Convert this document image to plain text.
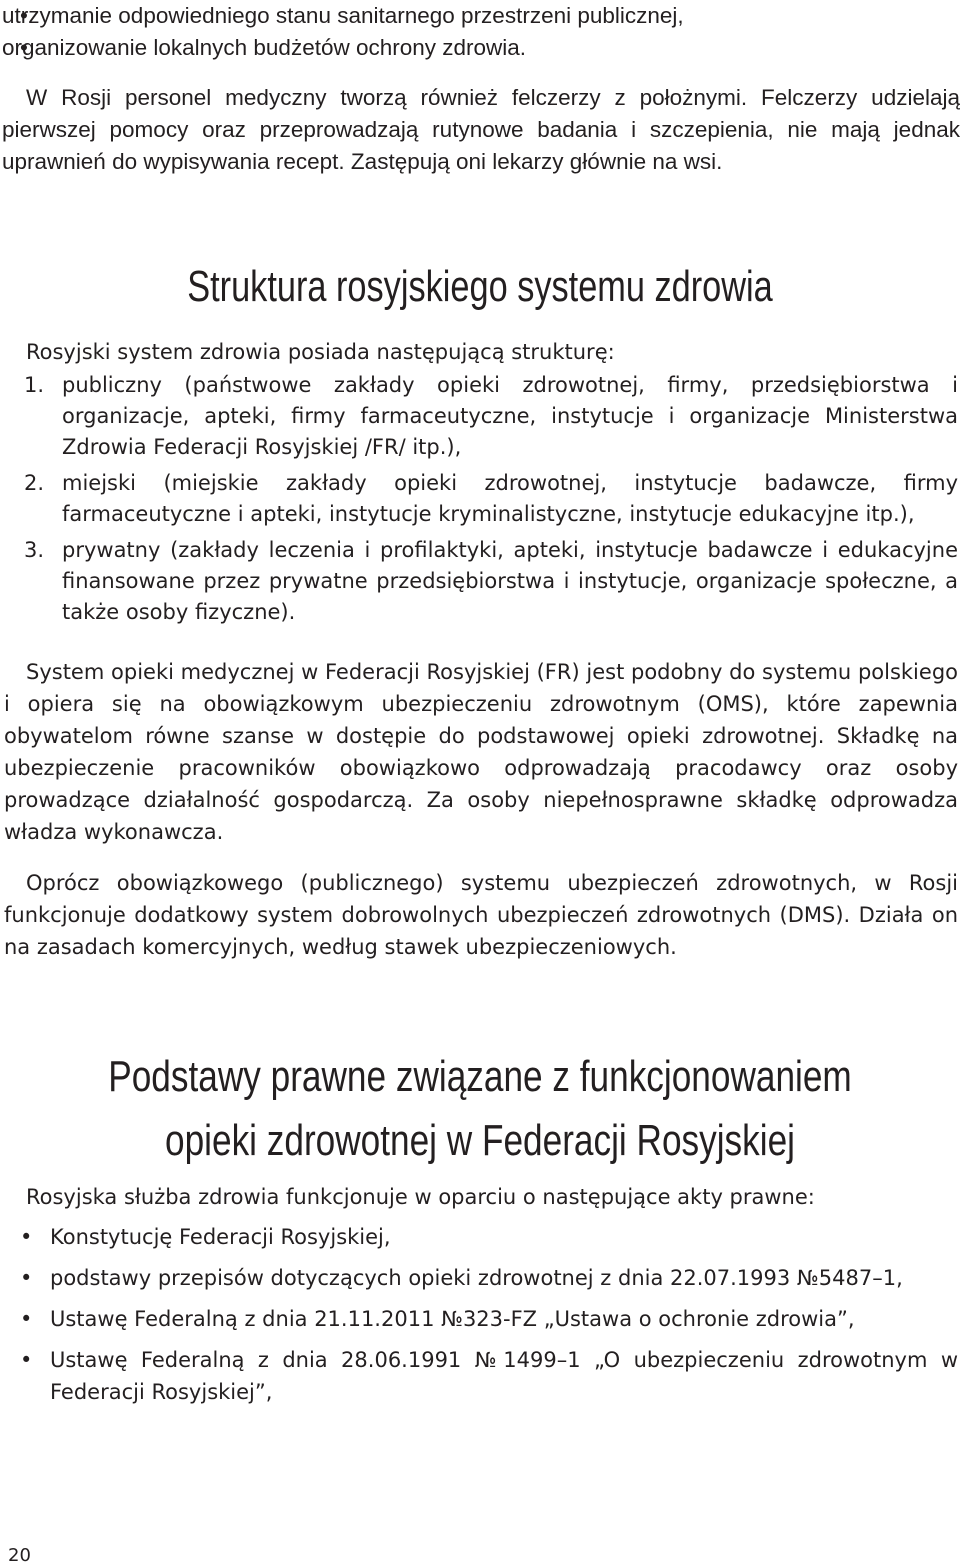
• utrzymanie odpowiedniego stanu sanitarnego przestrzeni publicznej,

• organizowanie lokalnych budżetów ochrony zdrowia.

W Rosji personel medyczny tworzą również felczerzy z położnymi. Felczerzy udzielają pierwszej pomocy oraz przeprowadzają rutynowe badania i szczepienia, nie mają jednak uprawnień do wypisywania recept. Zastępują oni lekarzy głównie na wsi.

Struktura rosyjskiego systemu zdrowia

Rosyjski system zdrowia posiada następującą strukturę:

1. publiczny (państwowe zakłady opieki zdrowotnej, firmy, przedsiębiorstwa i organizacje, apteki, firmy farmaceutyczne, instytucje i organizacje Ministerstwa Zdrowia Federacji Rosyjskiej /FR/ itp.),
2. miejski (miejskie zakłady opieki zdrowotnej, instytucje badawcze, firmy farmaceutyczne i apteki, instytucje kryminalistyczne, instytucje edukacyjne itp.),
3. prywatny (zakłady leczenia i profilaktyki, apteki, instytucje badawcze i edukacyjne finansowane przez prywatne przedsiębiorstwa i instytucje, organizacje społeczne, a także osoby fizyczne).

System opieki medycznej w Federacji Rosyjskiej (FR) jest podobny do systemu polskiego i opiera się na obowiązkowym ubezpieczeniu zdrowotnym (OMS), które zapewnia obywatelom równe szanse w dostępie do podstawowej opieki zdrowotnej. Składkę na ubezpieczenie pracowników obowiązkowo odprowadzają pracodawcy oraz osoby prowadzące działalność gospodarczą. Za osoby niepełnosprawne składkę odprowadza władza wykonawcza.

Oprócz obowiązkowego (publicznego) systemu ubezpieczeń zdrowotnych, w Rosji funkcjonuje dodatkowy system dobrowolnych ubezpieczeń zdrowotnych (DMS). Działa on na zasadach komercyjnych, według stawek ubezpieczeniowych.

Podstawy prawne związane z funkcjonowaniem
opieki zdrowotnej w Federacji Rosyjskiej

Rosyjska służba zdrowia funkcjonuje w oparciu o następujące akty prawne:

• Konstytucję Federacji Rosyjskiej,
• podstawy przepisów dotyczących opieki zdrowotnej z dnia 22.07.1993 №5487–1,
• Ustawę Federalną z dnia 21.11.2011 №323-FZ „Ustawa o ochronie zdrowia”,
• Ustawę Federalną z dnia 28.06.1991 №1499–1 „O ubezpieczeniu zdrowotnym w Federacji Rosyjskiej”,
20
